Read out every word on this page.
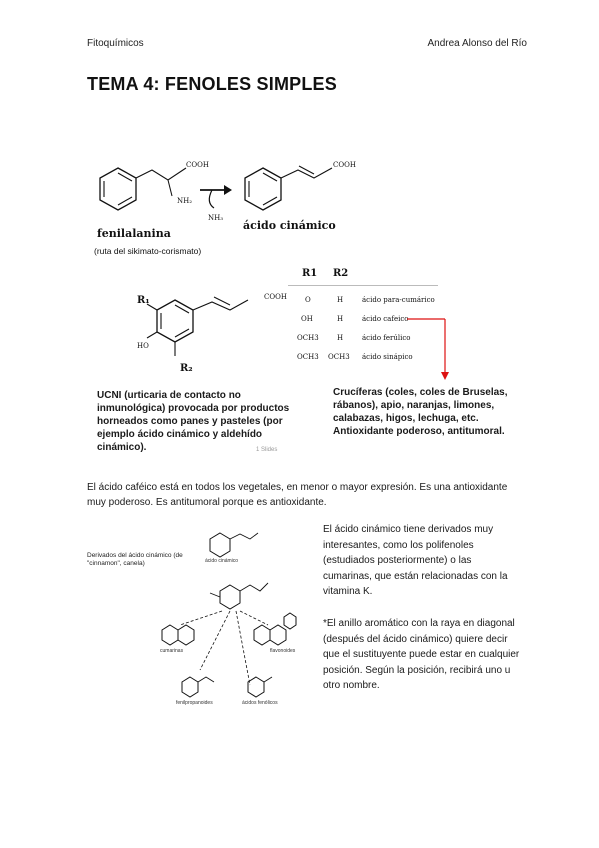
Fitoquímicos	Andrea Alonso del Río
TEMA 4: FENOLES SIMPLES
COOH
NH₂
NH₃
COOH
fenilalanina
ácido cinámico
(ruta del sikimato-corismato)
R₁
HO
R₂
COOH
R1 R2
O	H	ácido para-cumárico
OH	H	ácido cafeico
OCH3	H	ácido ferúlico
OCH3 OCH3 ácido sinápico
UCNI (urticaria de contacto no inmunológica) provocada por productos horneados como panes y pasteles (por ejemplo ácido cinámico y aldehído cinámico).	1 Slides
Crucíferas (coles, coles de Bruselas, rábanos), apio, naranjas, limones, calabazas, higos, lechuga, etc. Antioxidante poderoso, antitumoral.
El ácido caféico está en todos los vegetales, en menor o mayor expresión. Es una antioxidante muy poderoso. Es antitumoral porque es antioxidante.
Derivados del ácido cinámico (de "cinnamon", canela)	ácido cinámico
cumarinas	flavonoides
fenilpropanoides	ácidos fenólicos
El ácido cinámico tiene derivados muy interesantes, como los polifenoles (estudiados posteriormente) o las cumarinas, que están relacionadas con la vitamina K.
*El anillo aromático con la raya en diagonal (después del ácido cinámico) quiere decir que el sustituyente puede estar en cualquier posición. Según la posición, recibirá uno u otro nombre.
